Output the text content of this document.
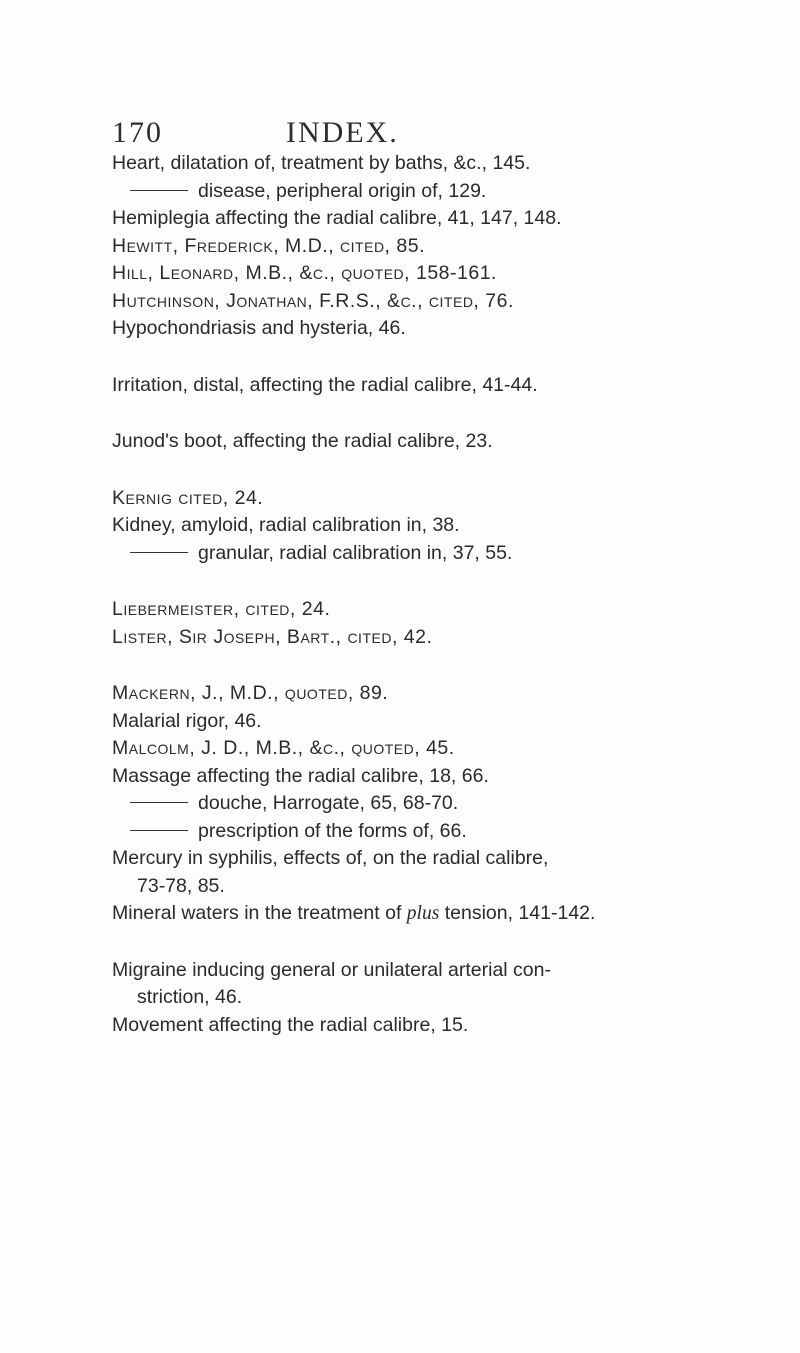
170	INDEX.
Heart, dilatation of, treatment by baths, &c., 145.
disease, peripheral origin of, 129.
Hemiplegia affecting the radial calibre, 41, 147, 148.
Hewitt, Frederick, M.D., cited, 85.
Hill, Leonard, M.B., &c., quoted, 158-161.
Hutchinson, Jonathan, F.R.S., &c., cited, 76.
Hypochondriasis and hysteria, 46.
Irritation, distal, affecting the radial calibre, 41-44.
Junod's boot, affecting the radial calibre, 23.
Kernig cited, 24.
Kidney, amyloid, radial calibration in, 38.
granular, radial calibration in, 37, 55.
Liebermeister, cited, 24.
Lister, Sir Joseph, Bart., cited, 42.
Mackern, J., M.D., quoted, 89.
Malarial rigor, 46.
Malcolm, J. D., M.B., &c., quoted, 45.
Massage affecting the radial calibre, 18, 66.
douche, Harrogate, 65, 68-70.
prescription of the forms of, 66.
Mercury in syphilis, effects of, on the radial calibre,
73-78, 85.
Mineral waters in the treatment of plus tension, 141-142.
Migraine inducing general or unilateral arterial con-
striction, 46.
Movement affecting the radial calibre, 15.
